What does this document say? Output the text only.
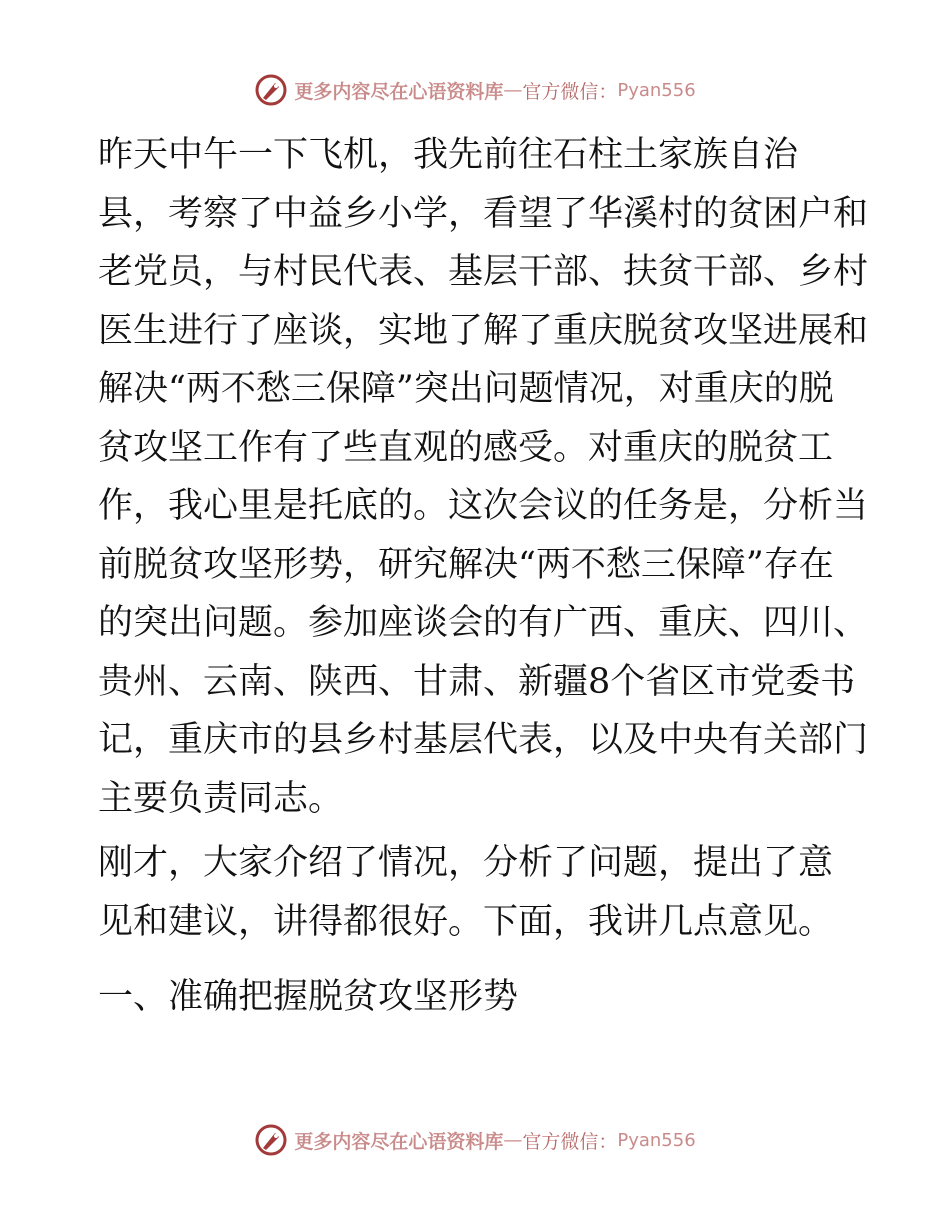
更多内容尽在心语资料库 — 官方微信： Pyan556

昨天中午一下飞机，我先前往石柱土家族自治
县，考察了中益乡小学，看望了华溪村的贫困户和
老党员，与村民代表、基层干部、扶贫干部、乡村
医生进行了座谈，实地了解了重庆脱贫攻坚进展和
解决“两不愁三保障”突出问题情况，对重庆的脱
贫攻坚工作有了些直观的感受。对重庆的脱贫工
作，我心里是托底的。这次会议的任务是，分析当
前脱贫攻坚形势，研究解决“两不愁三保障”存在
的突出问题。参加座谈会的有广西、重庆、四川、
贵州、云南、陕西、甘肃、新疆8个省区市党委书
记，重庆市的县乡村基层代表，以及中央有关部门
主要负责同志。

刚才，大家介绍了情况，分析了问题，提出了意
见和建议，讲得都很好。下面，我讲几点意见。

一、准确把握脱贫攻坚形势

更多内容尽在心语资料库 — 官方微信： Pyan556
